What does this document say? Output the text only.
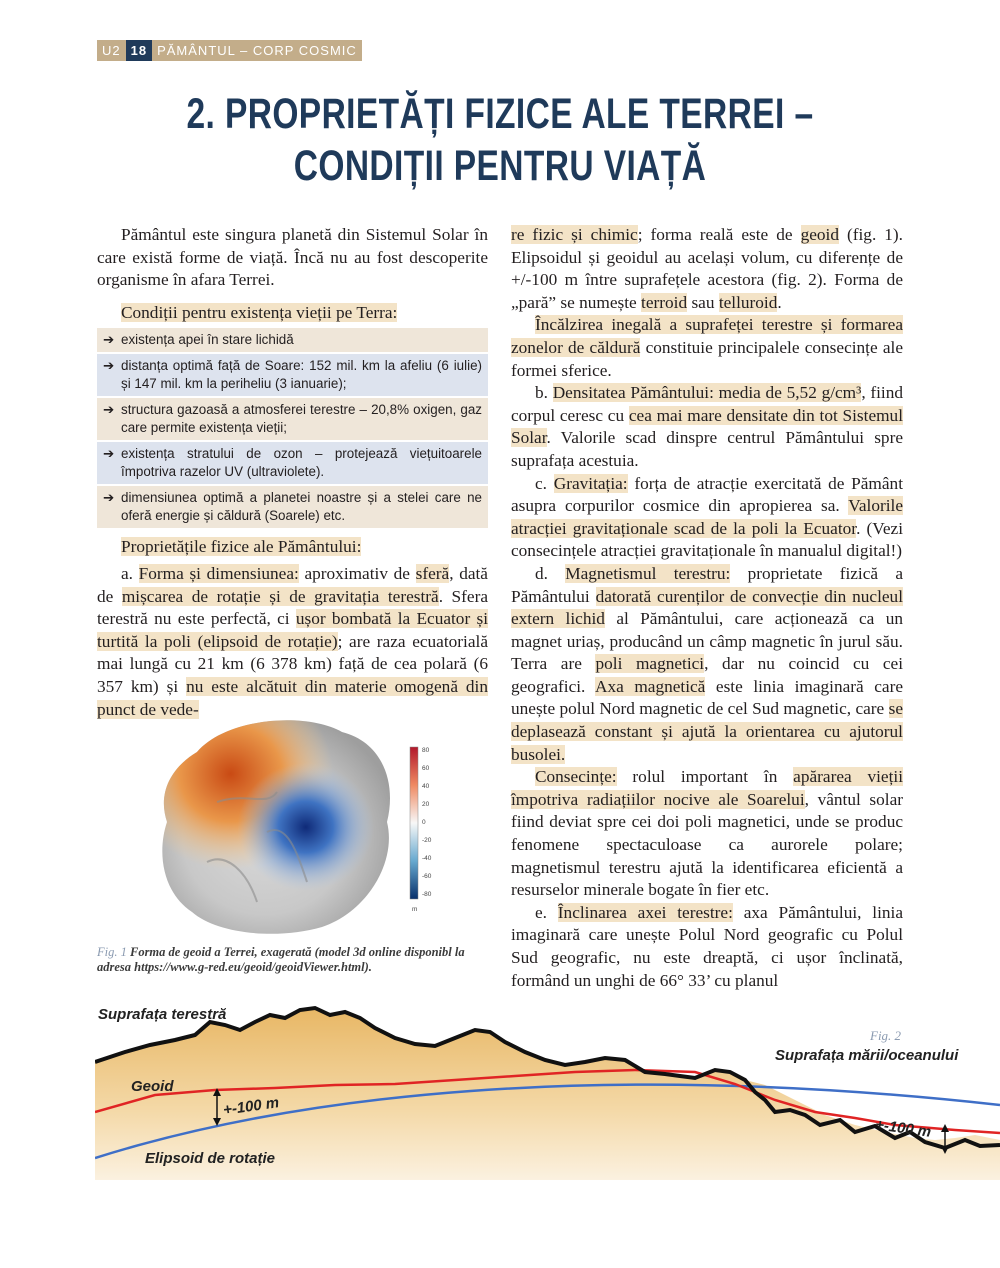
U2 18 PĂMÂNTUL – CORP COSMIC
2. PROPRIETĂȚI FIZICE ALE TERREI –
CONDIȚII PENTRU VIAȚĂ

Pământul este singura planetă din Sistemul Solar în care există forme de viață. Încă nu au fost descoperite organisme în afara Terrei.

Condiții pentru existența vieții pe Terra:
➔ existența apei în stare lichidă
➔ distanța optimă față de Soare: 152 mil. km la afeliu (6 iulie) și 147 mil. km la periheliu (3 ianuarie);
➔ structura gazoasă a atmosferei terestre – 20,8% oxigen, gaz care permite existența vieții;
➔ existența stratului de ozon – protejează viețuitoarele împotriva razelor UV (ultraviolete).
➔ dimensiunea optimă a planetei noastre și a stelei care ne oferă energie și căldură (Soarele) etc.
Proprietățile fizice ale Pământului:

a. Forma și dimensiunea: aproximativ de sferă, dată de mișcarea de rotație și de gravitația terestră. Sfera terestră nu este perfectă, ci ușor bombată la Ecuator și turtită la poli (elipsoid de rotație); are raza ecuatorială mai lungă cu 21 km (6 378 km) față de cea polară (6 357 km) și nu este alcătuit din materie omogenă din punct de vede-

80
60
40
20
0
-20
-40
-60
-80
m
Fig. 1 Forma de geoid a Terrei, exagerată (model 3d online disponibl la adresa https://www.g-red.eu/geoid/geoidViewer.html).

re fizic și chimic; forma reală este de geoid (fig. 1). Elipsoidul și geoidul au același volum, cu diferențe de +/-100 m între suprafețele acestora (fig. 2). Forma de „pară” se numește terroid sau telluroid.

Încălzirea inegală a suprafeței terestre și formarea zonelor de căldură constituie principalele consecințe ale formei sferice.

b. Densitatea Pământului: media de 5,52 g/cm³, fiind corpul ceresc cu cea mai mare densitate din tot Sistemul Solar. Valorile scad dinspre centrul Pământului spre suprafața acestuia.

c. Gravitația: forța de atracție exercitată de Pământ asupra corpurilor cosmice din apropierea sa. Valorile atracției gravitaționale scad de la poli la Ecuator. (Vezi consecințele atracției gravitaționale în manualul digital!)

d. Magnetismul terestru: proprietate fizică a Pământului datorată curenților de convecție din nucleul extern lichid al Pământului, care acționează ca un magnet uriaș, producând un câmp magnetic în jurul său. Terra are poli magnetici, dar nu coincid cu cei geografici. Axa magnetică este linia imaginară care unește polul Nord magnetic de cel Sud magnetic, care se deplasează constant și ajută la orientarea cu ajutorul busolei.

Consecințe: rolul important în apărarea vieții împotriva radiațiilor nocive ale Soarelui, vântul solar fiind deviat spre cei doi poli magnetici, unde se produc fenomene spectaculoase ca aurorele polare; magnetismul terestru ajută la identificarea eficientă a resurselor minerale bogate în fier etc.

e. Înclinarea axei terestre: axa Pământului, linia imaginară care unește Polul Nord geografic cu Polul Sud geografic, nu este dreaptă, ci ușor înclinată, formând un unghi de 66° 33’ cu planul

Suprafața terestră
Geoid
+-100 m
Elipsoid de rotație
Fig. 2
Suprafața mării/oceanului
+-100 m
